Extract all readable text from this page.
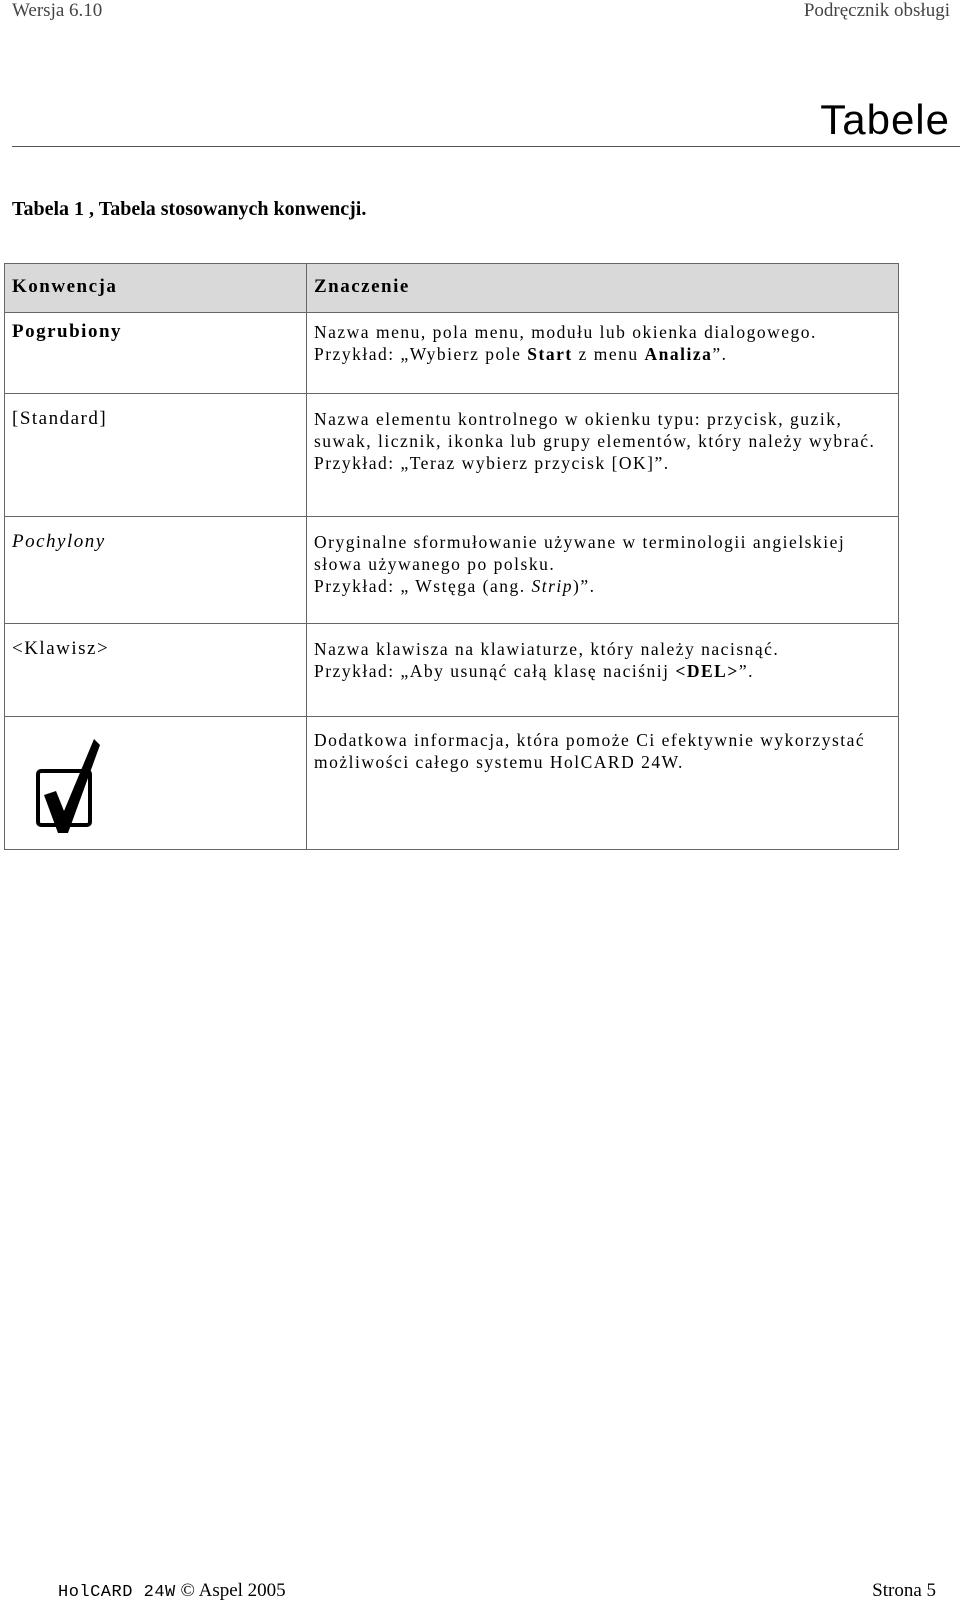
Wersja 6.10	Podręcznik obsługi
Tabele
Tabela 1 , Tabela stosowanych konwencji.
Konwencja	Znaczenie
Pogrubiony	Nazwa menu, pola menu, modułu lub okienka dialogowego.
Przykład: „Wybierz pole Start z menu Analiza”.
[Standard]	Nazwa elementu kontrolnego w okienku typu: przycisk, guzik, suwak, licznik, ikonka lub grupy elementów, który należy wybrać.
Przykład: „Teraz wybierz przycisk [OK]”.
Pochylony	Oryginalne sformułowanie używane w terminologii angielskiej słowa używanego po polsku.
Przykład: „ Wstęga (ang. Strip)”.
<Klawisz>	Nazwa klawisza na klawiaturze, który należy nacisnąć.
Przykład: „Aby usunąć całą klasę naciśnij <DEL>”.

	Dodatkowa informacja, która pomoże Ci efektywnie wykorzystać możliwości całego systemu HolCARD 24W.
HolCARD 24W © Aspel 2005	Strona 5
